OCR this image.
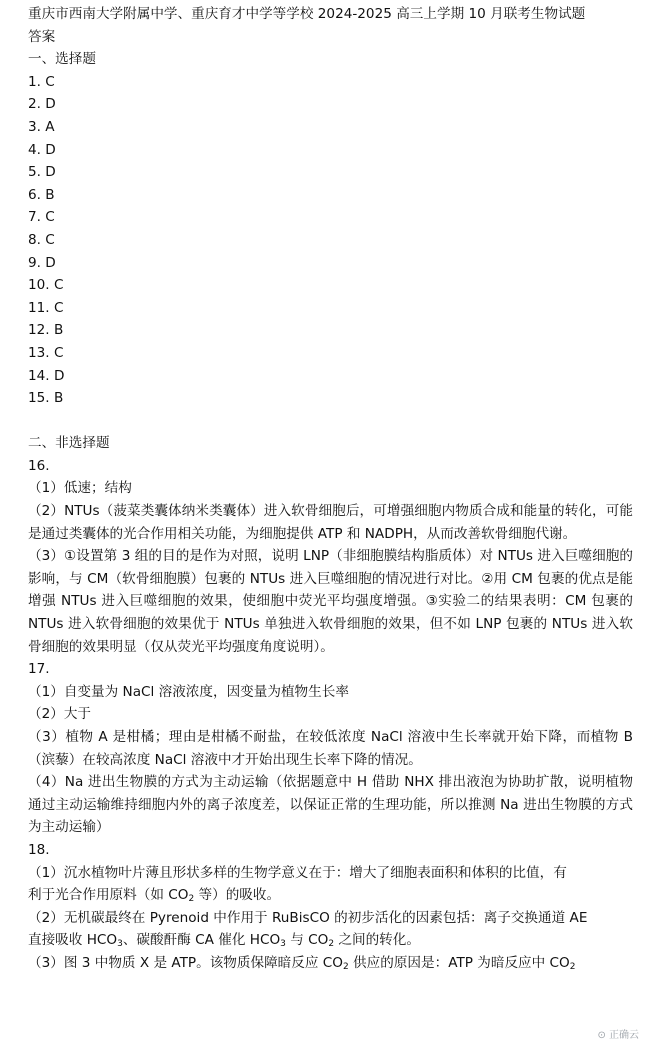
重庆市西南大学附属中学、重庆育才中学等学校 2024-2025 高三上学期 10 月联考生物试题
答案
一、选择题
1. C
2. D
3. A
4. D
5. D
6. B
7. C
8. C
9. D
10. C
11. C
12. B
13. C
14. D
15. B
二、非选择题
16.
（1）低速；结构
（2）NTUs（菠菜类囊体纳米类囊体）进入软骨细胞后，可增强细胞内物质合成和能量的转化，可能是通过类囊体的光合作用相关功能，为细胞提供 ATP 和 NADPH，从而改善软骨细胞代谢。
（3）①设置第 3 组的目的是作为对照，说明 LNP（非细胞膜结构脂质体）对 NTUs 进入巨噬细胞的影响，与 CM（软骨细胞膜）包裹的 NTUs 进入巨噬细胞的情况进行对比。②用 CM 包裹的优点是能增强 NTUs 进入巨噬细胞的效果，使细胞中荧光平均强度增强。③实验二的结果表明：CM 包裹的 NTUs 进入软骨细胞的效果优于 NTUs 单独进入软骨细胞的效果，但不如 LNP 包裹的 NTUs 进入软骨细胞的效果明显（仅从荧光平均强度角度说明）。
17.
（1）自变量为 NaCl 溶液浓度，因变量为植物生长率
（2）大于
（3）植物 A 是柑橘；理由是柑橘不耐盐，在较低浓度 NaCl 溶液中生长率就开始下降，而植物 B（滨藜）在较高浓度 NaCl 溶液中才开始出现生长率下降的情况。
（4）Na 进出生物膜的方式为主动运输（依据题意中 H 借助 NHX 排出液泡为协助扩散，说明植物通过主动运输维持细胞内外的离子浓度差，以保证正常的生理功能，所以推测 Na 进出生物膜的方式为主动运输）
18.
（1）沉水植物叶片薄且形状多样的生物学意义在于：增大了细胞表面积和体积的比值，有
利于光合作用原料（如 $CO_2$ 等）的吸收。
（2）无机碳最终在 Pyrenoid 中作用于 RuBisCO 的初步活化的因素包括：离子交换通道 AE
直接吸收 $HCO_3$、碳酸酐酶 CA 催化 $HCO_3$ 与 $CO_2$ 之间的转化。
（3）图 3 中物质 X 是 ATP。该物质保障暗反应 $CO_2$ 供应的原因是：ATP 为暗反应中 $CO_2$
⊙ 正确云
